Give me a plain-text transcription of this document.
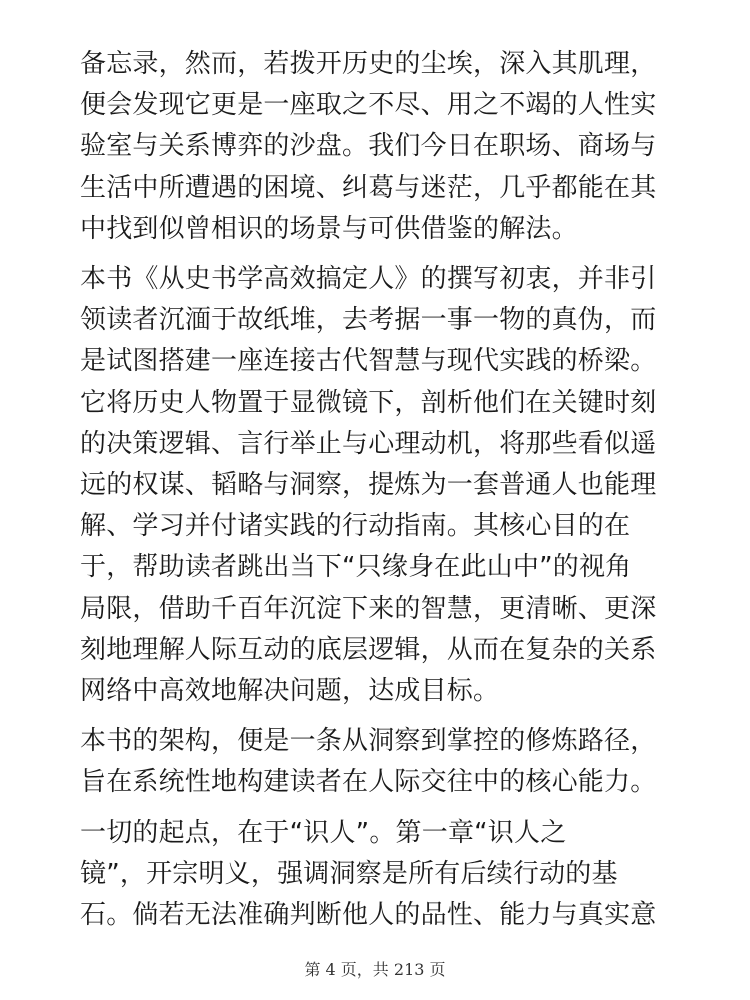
备忘录，然而，若拨开历史的尘埃，深入其肌理，
便会发现它更是一座取之不尽、用之不竭的人性实
验室与关系博弈的沙盘。我们今日在职场、商场与
生活中所遭遇的困境、纠葛与迷茫，几乎都能在其
中找到似曾相识的场景与可供借鉴的解法。
本书《从史书学高效搞定人》的撰写初衷，并非引
领读者沉湎于故纸堆，去考据一事一物的真伪，而
是试图搭建一座连接古代智慧与现代实践的桥梁。
它将历史人物置于显微镜下，剖析他们在关键时刻
的决策逻辑、言行举止与心理动机，将那些看似遥
远的权谋、韬略与洞察，提炼为一套普通人也能理
解、学习并付诸实践的行动指南。其核心目的在
于，帮助读者跳出当下“只缘身在此山中”的视角
局限，借助千百年沉淀下来的智慧，更清晰、更深
刻地理解人际互动的底层逻辑，从而在复杂的关系
网络中高效地解决问题，达成目标。
本书的架构，便是一条从洞察到掌控的修炼路径，
旨在系统性地构建读者在人际交往中的核心能力。
一切的起点，在于“识人”。第一章“识人之
镜”，开宗明义，强调洞察是所有后续行动的基
石。倘若无法准确判断他人的品性、能力与真实意
第 4 页，共 213 页
